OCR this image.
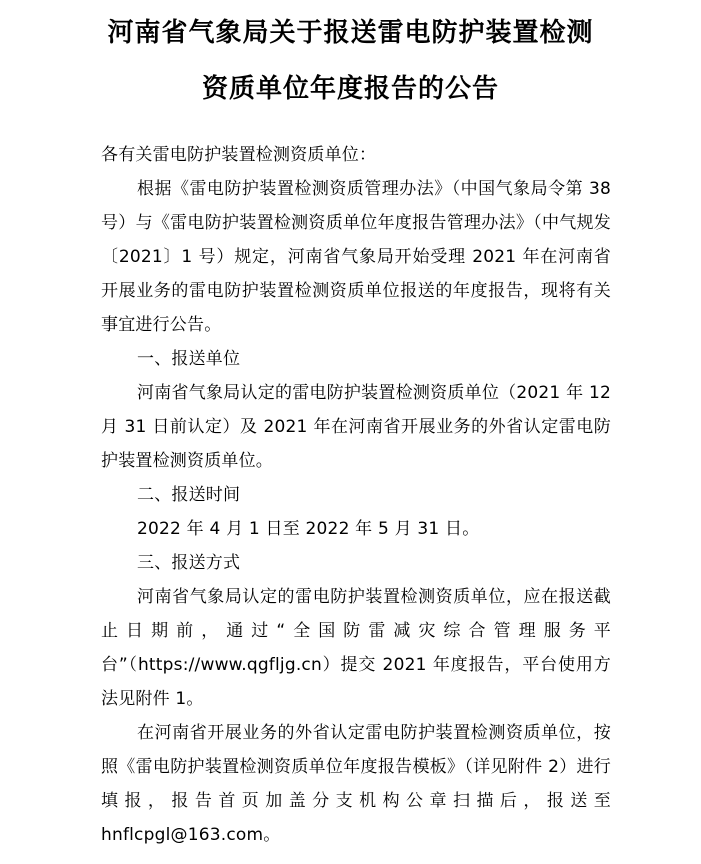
河南省气象局关于报送雷电防护装置检测
资质单位年度报告的公告

各有关雷电防护装置检测资质单位：

根据《雷电防护装置检测资质管理办法》（中国气象局令第 38 号）与《雷电防护装置检测资质单位年度报告管理办法》（中气规发〔2021〕1 号）规定，河南省气象局开始受理 2021 年在河南省开展业务的雷电防护装置检测资质单位报送的年度报告，现将有关事宜进行公告。

一、报送单位

河南省气象局认定的雷电防护装置检测资质单位（2021 年 12 月 31 日前认定）及 2021 年在河南省开展业务的外省认定雷电防护装置检测资质单位。

二、报送时间

2022 年 4 月 1 日至 2022 年 5 月 31 日。

三、报送方式

河南省气象局认定的雷电防护装置检测资质单位，应在报送截止日期前，通过“全国防雷减灾综合管理服务平台”（https://www.qgfljg.cn）提交 2021 年度报告，平台使用方法见附件 1。

在河南省开展业务的外省认定雷电防护装置检测资质单位，按照《雷电防护装置检测资质单位年度报告模板》（详见附件 2）进行填报，报告首页加盖分支机构公章扫描后，报送至 hnflcpgl@163.com。
